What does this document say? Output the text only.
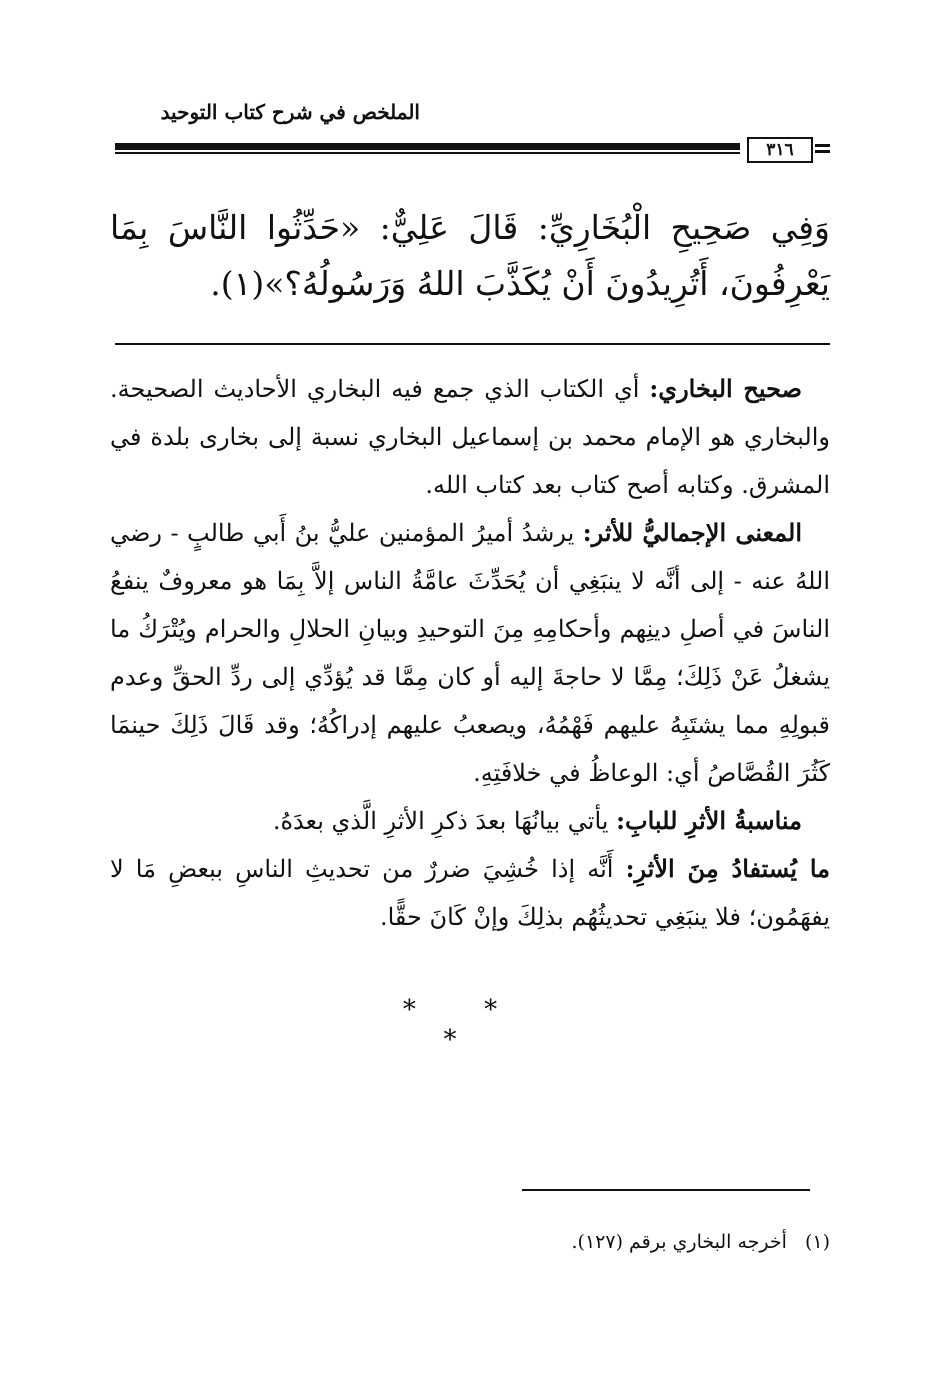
الملخص في شرح كتاب التوحيد
٣١٦
وَفِي صَحِيحِ الْبُخَارِيِّ: قَالَ عَلِيٌّ: «حَدِّثُوا النَّاسَ بِمَا يَعْرِفُونَ، أَتُرِيدُونَ أَنْ يُكَذَّبَ اللهُ وَرَسُولُهُ؟»(١).

صحيح البخاري: أي الكتاب الذي جمع فيه البخاري الأحاديث الصحيحة. والبخاري هو الإمام محمد بن إسماعيل البخاري نسبة إلى بخارى بلدة في المشرق. وكتابه أصح كتاب بعد كتاب الله.

المعنى الإجماليُّ للأثر: يرشدُ أميرُ المؤمنين عليُّ بنُ أَبي طالبٍ - رضي اللهُ عنه - إلى أنَّه لا ينبَغِي أن يُحَدِّثَ عامَّةُ الناس إلاَّ بِمَا هو معروفٌ ينفعُ الناسَ في أصلِ دينِهم وأحكامِهِ مِنَ التوحيدِ وبيانِ الحلالِ والحرام ويُتْرَكُ ما يشغلُ عَنْ ذَلِكَ؛ مِمَّا لا حاجةَ إليه أو كان مِمَّا قد يُؤدِّي إلى ردِّ الحقِّ وعدم قبولِهِ مما يشتَبِهُ عليهم فَهْمُهُ، ويصعبُ عليهم إدراكُهُ؛ وقد قَالَ ذَلِكَ حينمَا كَثُرَ القُصَّاصُ أي: الوعاظُ في خلافَتِهِ.

مناسبةُ الأثرِ للبابِ: يأتي بيانُهَا بعدَ ذكرِ الأثرِ الَّذي بعدَهُ.

ما يُستفادُ مِنَ الأثرِ: أَنَّه إذا خُشِيَ ضررٌ من تحديثِ الناسِ ببعضِ مَا لا يفهَمُون؛ فلا ينبَغِي تحديثُهُم بذلِكَ وإنْ كَانَ حقًّا.

* * *
(١)أخرجه البخاري برقم (١٢٧).
